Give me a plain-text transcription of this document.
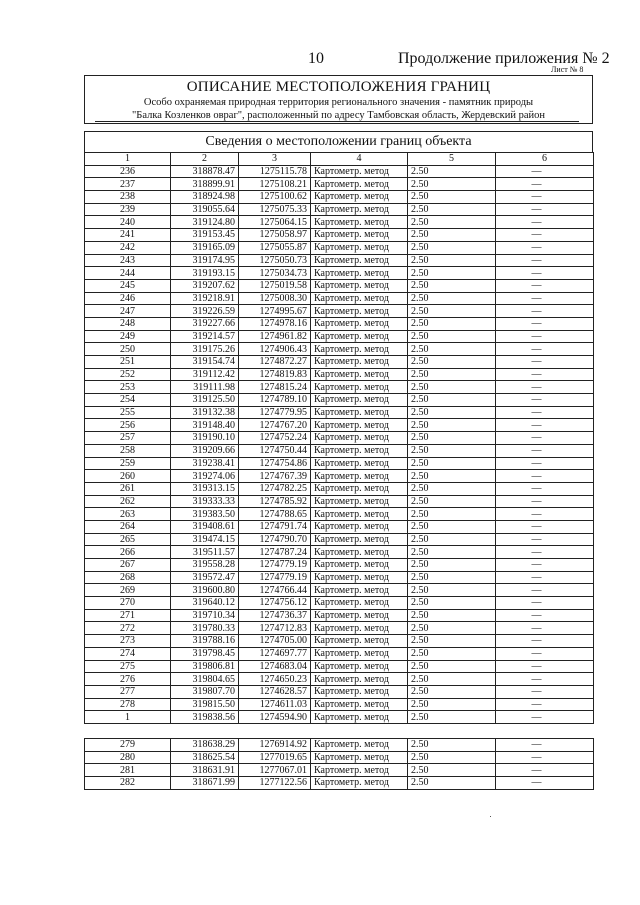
10	Продолжение приложения № 2
Лист № 8
ОПИСАНИЕ МЕСТОПОЛОЖЕНИЯ ГРАНИЦ
Особо охраняемая природная территория регионального значения - памятник природы
"Балка Козленков овраг", расположенный по адресу Тамбовская область, Жердевский район
Сведения о местоположении границ объекта
1	2	3	4	5	6
236	318878.47	1275115.78	Картометр. метод	2.50	—
237	318899.91	1275108.21	Картометр. метод	2.50	—
238	318924.98	1275100.62	Картометр. метод	2.50	—
239	319055.64	1275075.33	Картометр. метод	2.50	—
240	319124.80	1275064.15	Картометр. метод	2.50	—
241	319153.45	1275058.97	Картометр. метод	2.50	—
242	319165.09	1275055.87	Картометр. метод	2.50	—
243	319174.95	1275050.73	Картометр. метод	2.50	—
244	319193.15	1275034.73	Картометр. метод	2.50	—
245	319207.62	1275019.58	Картометр. метод	2.50	—
246	319218.91	1275008.30	Картометр. метод	2.50	—
247	319226.59	1274995.67	Картометр. метод	2.50	—
248	319227.66	1274978.16	Картометр. метод	2.50	—
249	319214.57	1274961.82	Картометр. метод	2.50	—
250	319175.26	1274906.43	Картометр. метод	2.50	—
251	319154.74	1274872.27	Картометр. метод	2.50	—
252	319112.42	1274819.83	Картометр. метод	2.50	—
253	319111.98	1274815.24	Картометр. метод	2.50	—
254	319125.50	1274789.10	Картометр. метод	2.50	—
255	319132.38	1274779.95	Картометр. метод	2.50	—
256	319148.40	1274767.20	Картометр. метод	2.50	—
257	319190.10	1274752.24	Картометр. метод	2.50	—
258	319209.66	1274750.44	Картометр. метод	2.50	—
259	319238.41	1274754.86	Картометр. метод	2.50	—
260	319274.06	1274767.39	Картометр. метод	2.50	—
261	319313.15	1274782.25	Картометр. метод	2.50	—
262	319333.33	1274785.92	Картометр. метод	2.50	—
263	319383.50	1274788.65	Картометр. метод	2.50	—
264	319408.61	1274791.74	Картометр. метод	2.50	—
265	319474.15	1274790.70	Картометр. метод	2.50	—
266	319511.57	1274787.24	Картометр. метод	2.50	—
267	319558.28	1274779.19	Картометр. метод	2.50	—
268	319572.47	1274779.19	Картометр. метод	2.50	—
269	319600.80	1274766.44	Картометр. метод	2.50	—
270	319640.12	1274756.12	Картометр. метод	2.50	—
271	319710.34	1274736.37	Картометр. метод	2.50	—
272	319780.33	1274712.83	Картометр. метод	2.50	—
273	319788.16	1274705.00	Картометр. метод	2.50	—
274	319798.45	1274697.77	Картометр. метод	2.50	—
275	319806.81	1274683.04	Картометр. метод	2.50	—
276	319804.65	1274650.23	Картометр. метод	2.50	—
277	319807.70	1274628.57	Картометр. метод	2.50	—
278	319815.50	1274611.03	Картометр. метод	2.50	—
1	319838.56	1274594.90	Картометр. метод	2.50	—

279	318638.29	1276914.92	Картометр. метод	2.50	—
280	318625.54	1277019.65	Картометр. метод	2.50	—
281	318631.91	1277067.01	Картометр. метод	2.50	—
282	318671.99	1277122.56	Картометр. метод	2.50	—
